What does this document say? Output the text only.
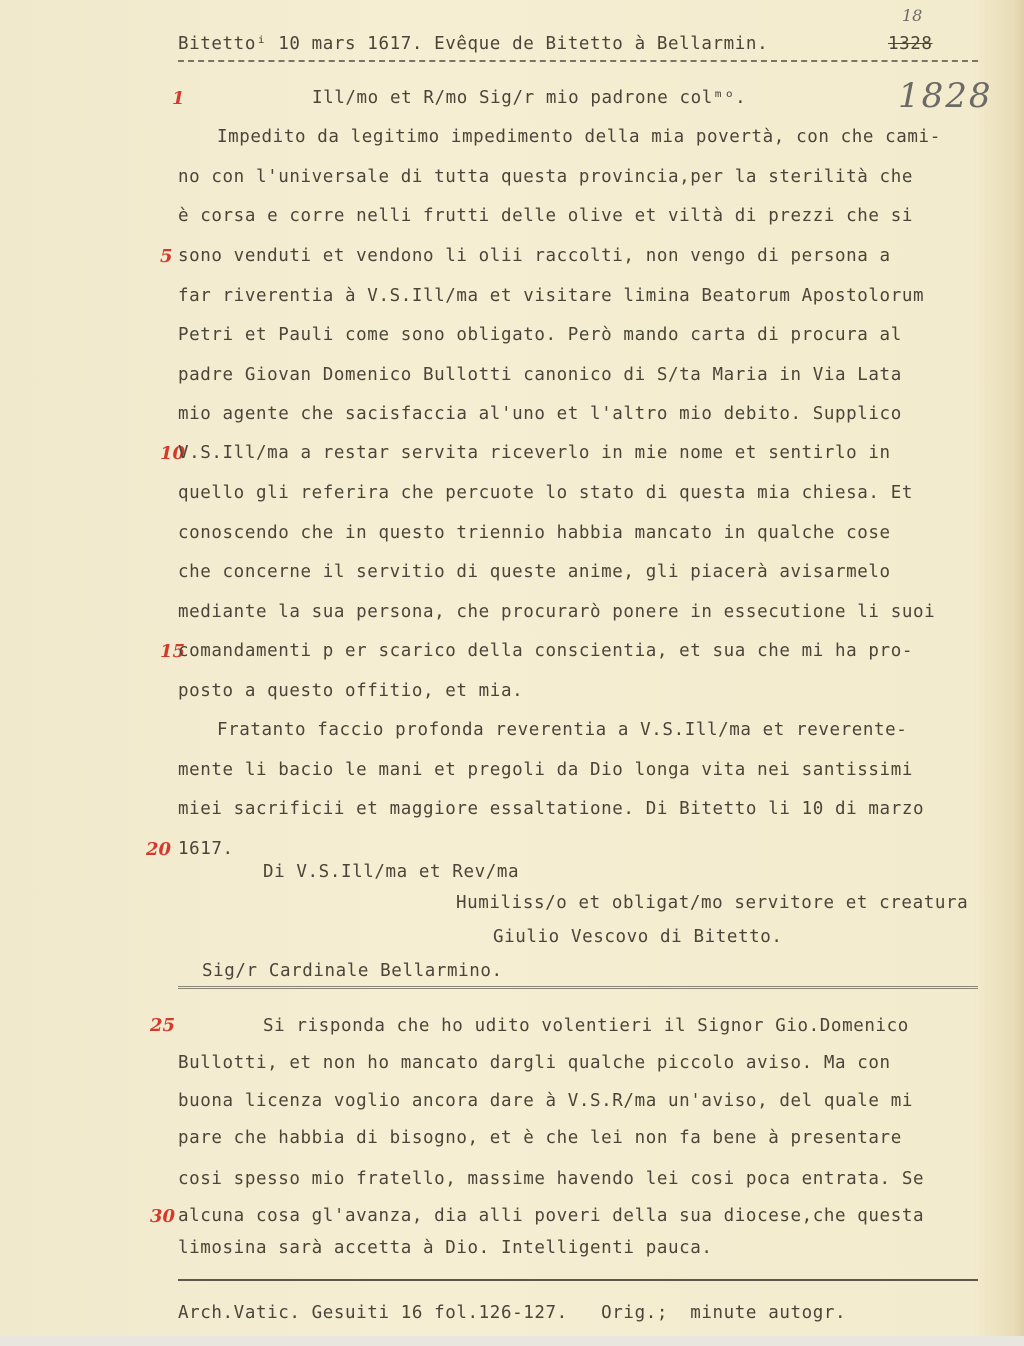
Bitettoⁱ 10 mars 1617. Evêque de Bitetto à Bellarmin.
18
1328
1828
1
5
10
15
20
25
30
Ill/mo et R/mo Sig/r mio padrone colᵐᵒ.
Impedito da legitimo impedimento della mia povertà, con che cami-
no con l'universale di tutta questa provincia,per la sterilità che
è corsa e corre nelli frutti delle olive et viltà di prezzi che si
sono venduti et vendono li olii raccolti, non vengo di persona a
far riverentia à V.S.Ill/ma et visitare limina Beatorum Apostolorum
Petri et Pauli come sono obligato. Però mando carta di procura al
padre Giovan Domenico Bullotti canonico di S/ta Maria in Via Lata
mio agente che sacisfaccia al'uno et l'altro mio debito. Supplico
V.S.Ill/ma a restar servita riceverlo in mie nome et sentirlo in
quello gli referira che percuote lo stato di questa mia chiesa. Et
conoscendo che in questo triennio habbia mancato in qualche cose
che concerne il servitio di queste anime, gli piacerà avisarmelo
mediante la sua persona, che procurarò ponere in essecutione li suoi
comandamenti p er scarico della conscientia, et sua che mi ha pro-
posto a questo offitio, et mia.
Fratanto faccio profonda reverentia a V.S.Ill/ma et reverente-
mente li bacio le mani et pregoli da Dio longa vita nei santissimi
miei sacrificii et maggiore essaltatione. Di Bitetto li 10 di marzo
1617.
Di V.S.Ill/ma et Rev/ma
Humiliss/o et obligat/mo servitore et creatura
Giulio Vescovo di Bitetto.
Sig/r Cardinale Bellarmino.
Si risponda che ho udito volentieri il Signor Gio.Domenico
Bullotti, et non ho mancato dargli qualche piccolo aviso. Ma con
buona licenza voglio ancora dare à V.S.R/ma un'aviso, del quale mi
pare che habbia di bisogno, et è che lei non fa bene à presentare
cosi spesso mio fratello, massime havendo lei cosi poca entrata. Se
alcuna cosa gl'avanza, dia alli poveri della sua diocese,che questa
limosina sarà accetta à Dio. Intelligenti pauca.
Arch.Vatic. Gesuiti 16 fol.126-127.   Orig.;  minute autogr.
